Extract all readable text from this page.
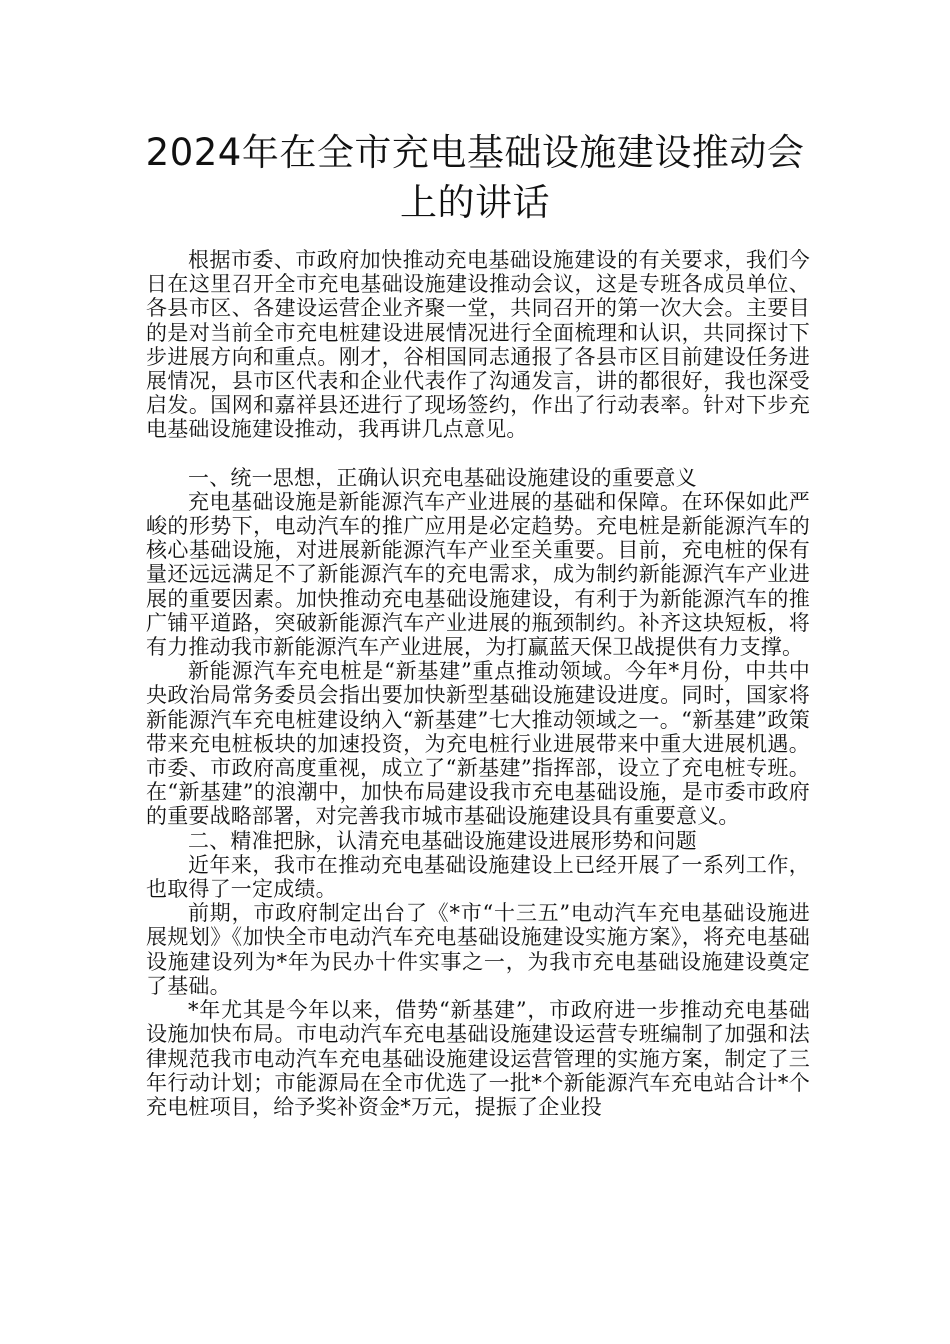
2024年在全市充电基础设施建设推动会
上的讲话

根据市委、市政府加快推动充电基础设施建设的有关要求，我们今日在这里召开全市充电基础设施建设推动会议，这是专班各成员单位、各县市区、各建设运营企业齐聚一堂，共同召开的第一次大会。主要目的是对当前全市充电桩建设进展情况进行全面梳理和认识，共同探讨下步进展方向和重点。刚才，谷相国同志通报了各县市区目前建设任务进展情况，县市区代表和企业代表作了沟通发言，讲的都很好，我也深受启发。国网和嘉祥县还进行了现场签约，作出了行动表率。针对下步充电基础设施建设推动，我再讲几点意见。

一、统一思想，正确认识充电基础设施建设的重要意义

充电基础设施是新能源汽车产业进展的基础和保障。在环保如此严峻的形势下，电动汽车的推广应用是必定趋势。充电桩是新能源汽车的核心基础设施，对进展新能源汽车产业至关重要。目前，充电桩的保有量还远远满足不了新能源汽车的充电需求，成为制约新能源汽车产业进展的重要因素。加快推动充电基础设施建设，有利于为新能源汽车的推广铺平道路，突破新能源汽车产业进展的瓶颈制约。补齐这块短板，将有力推动我市新能源汽车产业进展，为打赢蓝天保卫战提供有力支撑。

新能源汽车充电桩是“新基建”重点推动领域。今年*月份，中共中央政治局常务委员会指出要加快新型基础设施建设进度。同时，国家将新能源汽车充电桩建设纳入“新基建”七大推动领域之一。“新基建”政策带来充电桩板块的加速投资，为充电桩行业进展带来中重大进展机遇。市委、市政府高度重视，成立了“新基建”指挥部，设立了充电桩专班。在“新基建”的浪潮中，加快布局建设我市充电基础设施，是市委市政府的重要战略部署，对完善我市城市基础设施建设具有重要意义。

二、精准把脉，认清充电基础设施建设进展形势和问题

近年来，我市在推动充电基础设施建设上已经开展了一系列工作，也取得了一定成绩。

前期，市政府制定出台了《*市“十三五”电动汽车充电基础设施进展规划》《加快全市电动汽车充电基础设施建设实施方案》，将充电基础设施建设列为*年为民办十件实事之一，为我市充电基础设施建设奠定了基础。

*年尤其是今年以来，借势“新基建”，市政府进一步推动充电基础设施加快布局。市电动汽车充电基础设施建设运营专班编制了加强和法律规范我市电动汽车充电基础设施建设运营管理的实施方案，制定了三年行动计划；市能源局在全市优选了一批*个新能源汽车充电站合计*个充电桩项目，给予奖补资金*万元，提振了企业投
